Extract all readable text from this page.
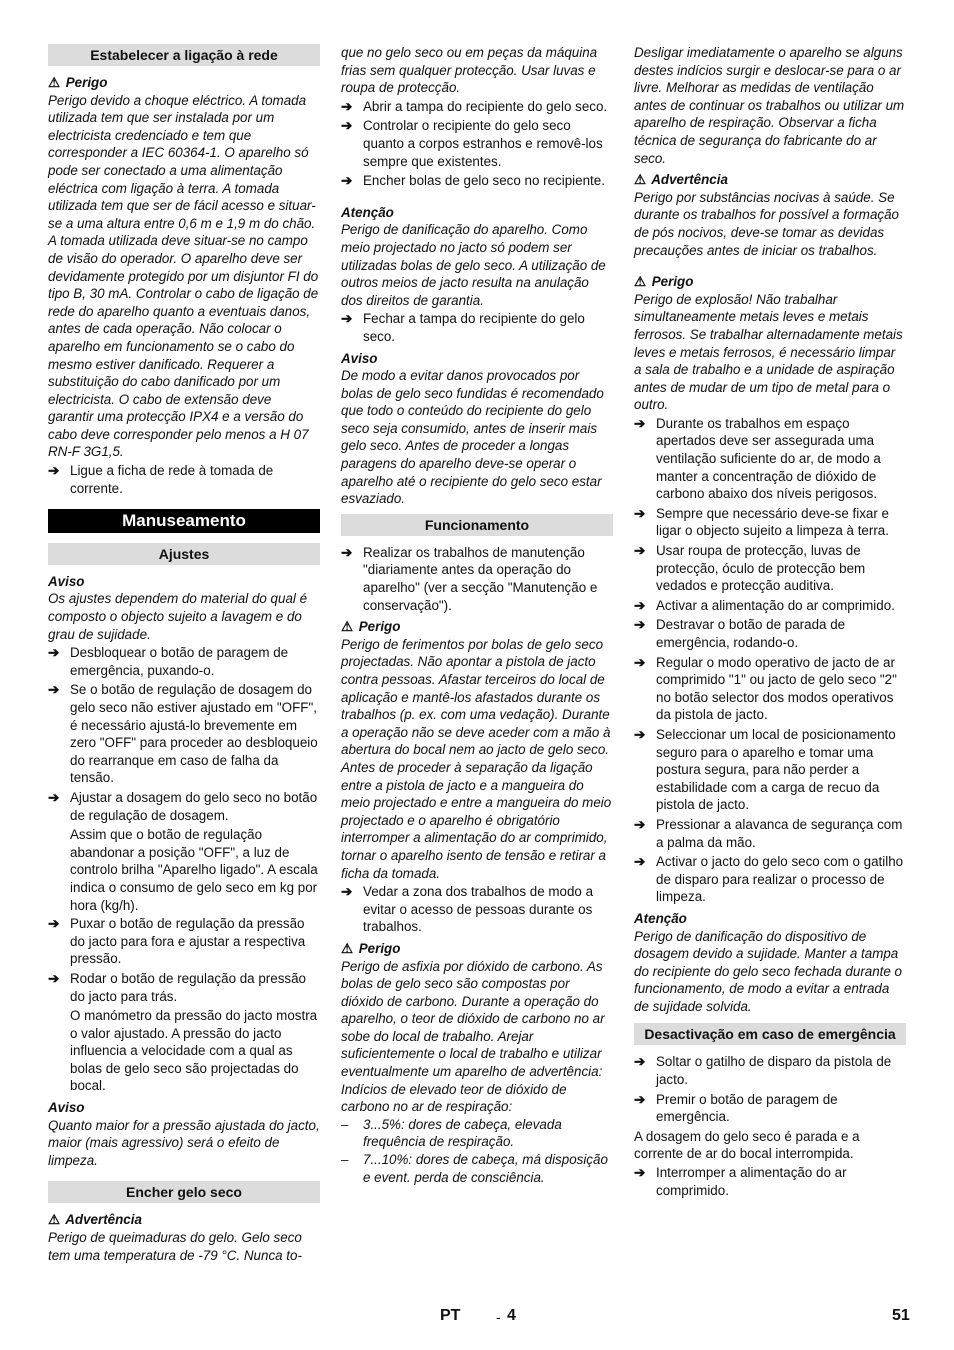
Estabelecer a ligação à rede
⚠ Perigo
Perigo devido a choque eléctrico. A tomada utilizada tem que ser instalada por um electricista credenciado e tem que corresponder a IEC 60364-1. O aparelho só pode ser conectado a uma alimentação eléctrica com ligação à terra. A tomada utilizada tem que ser de fácil acesso e situar-se a uma altura entre 0,6 m e 1,9 m do chão. A tomada utilizada deve situar-se no campo de visão do operador. O aparelho deve ser devidamente protegido por um disjuntor FI do tipo B, 30 mA. Controlar o cabo de ligação de rede do aparelho quanto a eventuais danos, antes de cada operação. Não colocar o aparelho em funcionamento se o cabo do mesmo estiver danificado. Requerer a substituição do cabo danificado por um electricista. O cabo de extensão deve garantir uma protecção IPX4 e a versão do cabo deve corresponder pelo menos a H 07 RN-F 3G1,5.
➔ Ligue a ficha de rede à tomada de corrente.
Manuseamento
Ajustes
Aviso
Os ajustes dependem do material do qual é composto o objecto sujeito a lavagem e do grau de sujidade.
➔ Desbloquear o botão de paragem de emergência, puxando-o.
➔ Se o botão de regulação de dosagem do gelo seco não estiver ajustado em "OFF", é necessário ajustá-lo brevemente em zero "OFF" para proceder ao desbloqueio do rearranque em caso de falha da tensão.
➔ Ajustar a dosagem do gelo seco no botão de regulação de dosagem.
Assim que o botão de regulação abandonar a posição "OFF", a luz de controlo brilha "Aparelho ligado". A escala indica o consumo de gelo seco em kg por hora (kg/h).
➔ Puxar o botão de regulação da pressão do jacto para fora e ajustar a respectiva pressão.
➔ Rodar o botão de regulação da pressão do jacto para trás.
O manómetro da pressão do jacto mostra o valor ajustado. A pressão do jacto influencia a velocidade com a qual as bolas de gelo seco são projectadas do bocal.
Aviso
Quanto maior for a pressão ajustada do jacto, maior (mais agressivo) será o efeito de limpeza.
Encher gelo seco
⚠ Advertência
Perigo de queimaduras do gelo. Gelo seco tem uma temperatura de -79 °C. Nunca to-
que no gelo seco ou em peças da máquina frias sem qualquer protecção. Usar luvas e roupa de protecção.
➔ Abrir a tampa do recipiente do gelo seco.
➔ Controlar o recipiente do gelo seco quanto a corpos estranhos e removê-los sempre que existentes.
➔ Encher bolas de gelo seco no recipiente.
Atenção
Perigo de danificação do aparelho. Como meio projectado no jacto só podem ser utilizadas bolas de gelo seco. A utilização de outros meios de jacto resulta na anulação dos direitos de garantia.
➔ Fechar a tampa do recipiente do gelo seco.
Aviso
De modo a evitar danos provocados por bolas de gelo seco fundidas é recomendado que todo o conteúdo do recipiente do gelo seco seja consumido, antes de inserir mais gelo seco. Antes de proceder a longas paragens do aparelho deve-se operar o aparelho até o recipiente do gelo seco estar esvaziado.
Funcionamento
➔ Realizar os trabalhos de manutenção "diariamente antes da operação do aparelho" (ver a secção "Manutenção e conservação").
⚠ Perigo
Perigo de ferimentos por bolas de gelo seco projectadas. Não apontar a pistola de jacto contra pessoas. Afastar terceiros do local de aplicação e mantê-los afastados durante os trabalhos (p. ex. com uma vedação). Durante a operação não se deve aceder com a mão à abertura do bocal nem ao jacto de gelo seco. Antes de proceder à separação da ligação entre a pistola de jacto e a mangueira do meio projectado e entre a mangueira do meio projectado e o aparelho é obrigatório interromper a alimentação do ar comprimido, tornar o aparelho isento de tensão e retirar a ficha da tomada.
➔ Vedar a zona dos trabalhos de modo a evitar o acesso de pessoas durante os trabalhos.
⚠ Perigo
Perigo de asfixia por dióxido de carbono. As bolas de gelo seco são compostas por dióxido de carbono. Durante a operação do aparelho, o teor de dióxido de carbono no ar sobe do local de trabalho. Arejar suficientemente o local de trabalho e utilizar eventualmente um aparelho de advertência: Indícios de elevado teor de dióxido de carbono no ar de respiração:
–	3...5%: dores de cabeça, elevada frequência de respiração.
–	7...10%: dores de cabeça, má disposição e event. perda de consciência.
Desligar imediatamente o aparelho se alguns destes indícios surgir e deslocar-se para o ar livre. Melhorar as medidas de ventilação antes de continuar os trabalhos ou utilizar um aparelho de respiração. Observar a ficha técnica de segurança do fabricante do ar seco.
⚠ Advertência
Perigo por substâncias nocivas à saúde. Se durante os trabalhos for possível a formação de pós nocivos, deve-se tomar as devidas precauções antes de iniciar os trabalhos.
⚠ Perigo
Perigo de explosão! Não trabalhar simultaneamente metais leves e metais ferrosos. Se trabalhar alternadamente metais leves e metais ferrosos, é necessário limpar a sala de trabalho e a unidade de aspiração antes de mudar de um tipo de metal para o outro.
➔ Durante os trabalhos em espaço apertados deve ser assegurada uma ventilação suficiente do ar, de modo a manter a concentração de dióxido de carbono abaixo dos níveis perigosos.
➔ Sempre que necessário deve-se fixar e ligar o objecto sujeito a limpeza à terra.
➔ Usar roupa de protecção, luvas de protecção, óculo de protecção bem vedados e protecção auditiva.
➔ Activar a alimentação do ar comprimido.
➔ Destravar o botão de parada de emergência, rodando-o.
➔ Regular o modo operativo de jacto de ar comprimido "1" ou jacto de gelo seco "2" no botão selector dos modos operativos da pistola de jacto.
➔ Seleccionar um local de posicionamento seguro para o aparelho e tomar uma postura segura, para não perder a estabilidade com a carga de recuo da pistola de jacto.
➔ Pressionar a alavanca de segurança com a palma da mão.
➔ Activar o jacto do gelo seco com o gatilho de disparo para realizar o processo de limpeza.
Atenção
Perigo de danificação do dispositivo de dosagem devido a sujidade. Manter a tampa do recipiente do gelo seco fechada durante o funcionamento, de modo a evitar a entrada de sujidade solvida.
Desactivação em caso de emergência
➔ Soltar o gatilho de disparo da pistola de jacto.
➔ Premir o botão de paragem de emergência.
A dosagem do gelo seco é parada e a corrente de ar do bocal interrompida.
➔ Interromper a alimentação do ar comprimido.
PT	- 4	51
